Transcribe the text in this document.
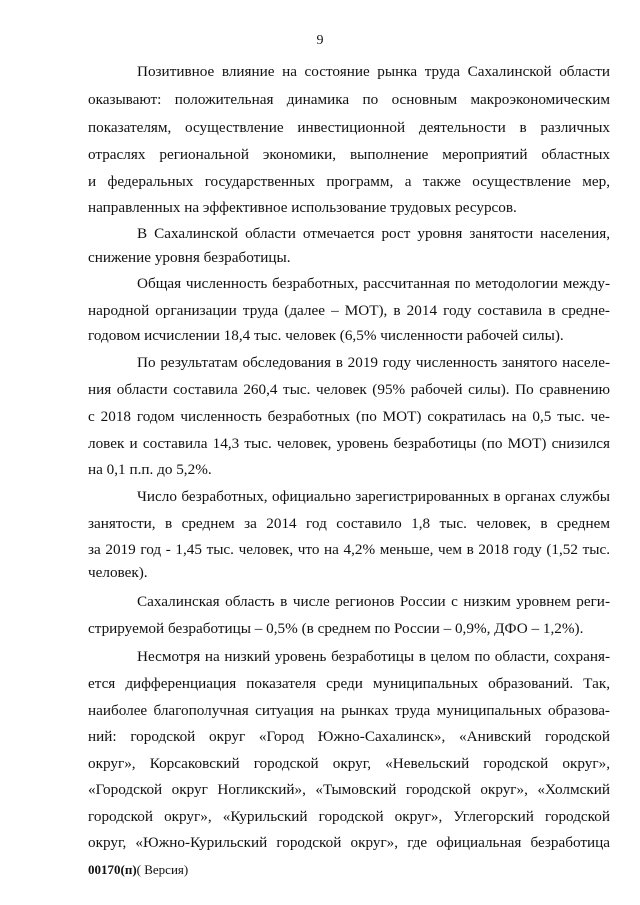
9
Позитивное влияние на состояние рынка труда Сахалинской области
оказывают: положительная динамика по основным макроэкономическим
показателям, осуществление инвестиционной деятельности в различных
отраслях региональной экономики, выполнение мероприятий областных
и федеральных государственных программ, а также осуществление мер,
направленных на эффективное использование трудовых ресурсов.
В Сахалинской области отмечается рост уровня занятости населения,
снижение уровня безработицы.
Общая численность безработных, рассчитанная по методологии между-
народной организации труда (далее – МОТ), в 2014 году составила в средне-
годовом исчислении 18,4 тыс. человек (6,5% численности рабочей силы).
По результатам обследования в 2019 году численность занятого населе-
ния области составила 260,4 тыс. человек (95% рабочей силы). По сравнению
с 2018 годом численность безработных (по МОТ) сократилась на 0,5 тыс. че-
ловек и составила 14,3 тыс. человек, уровень безработицы (по МОТ) снизился
на 0,1 п.п. до 5,2%.
Число безработных, официально зарегистрированных в органах службы
занятости, в среднем за 2014 год составило 1,8 тыс. человек, в среднем
за 2019 год - 1,45 тыс. человек, что на 4,2% меньше, чем в 2018 году (1,52 тыс.
человек).
Сахалинская область в числе регионов России с низким уровнем реги-
стрируемой безработицы – 0,5% (в среднем по России – 0,9%, ДФО – 1,2%).
Несмотря на низкий уровень безработицы в целом по области, сохраня-
ется дифференциация показателя среди муниципальных образований. Так,
наиболее благополучная ситуация на рынках труда муниципальных образова-
ний: городской округ «Город Южно-Сахалинск», «Анивский городской
округ», Корсаковский городской округ, «Невельский городской округ»,
«Городской округ Ногликский», «Тымовский городской округ», «Холмский
городской округ», «Курильский городской округ», Углегорский городской
округ, «Южно-Курильский городской округ», где официальная безработица
00170(п)( Версия)
